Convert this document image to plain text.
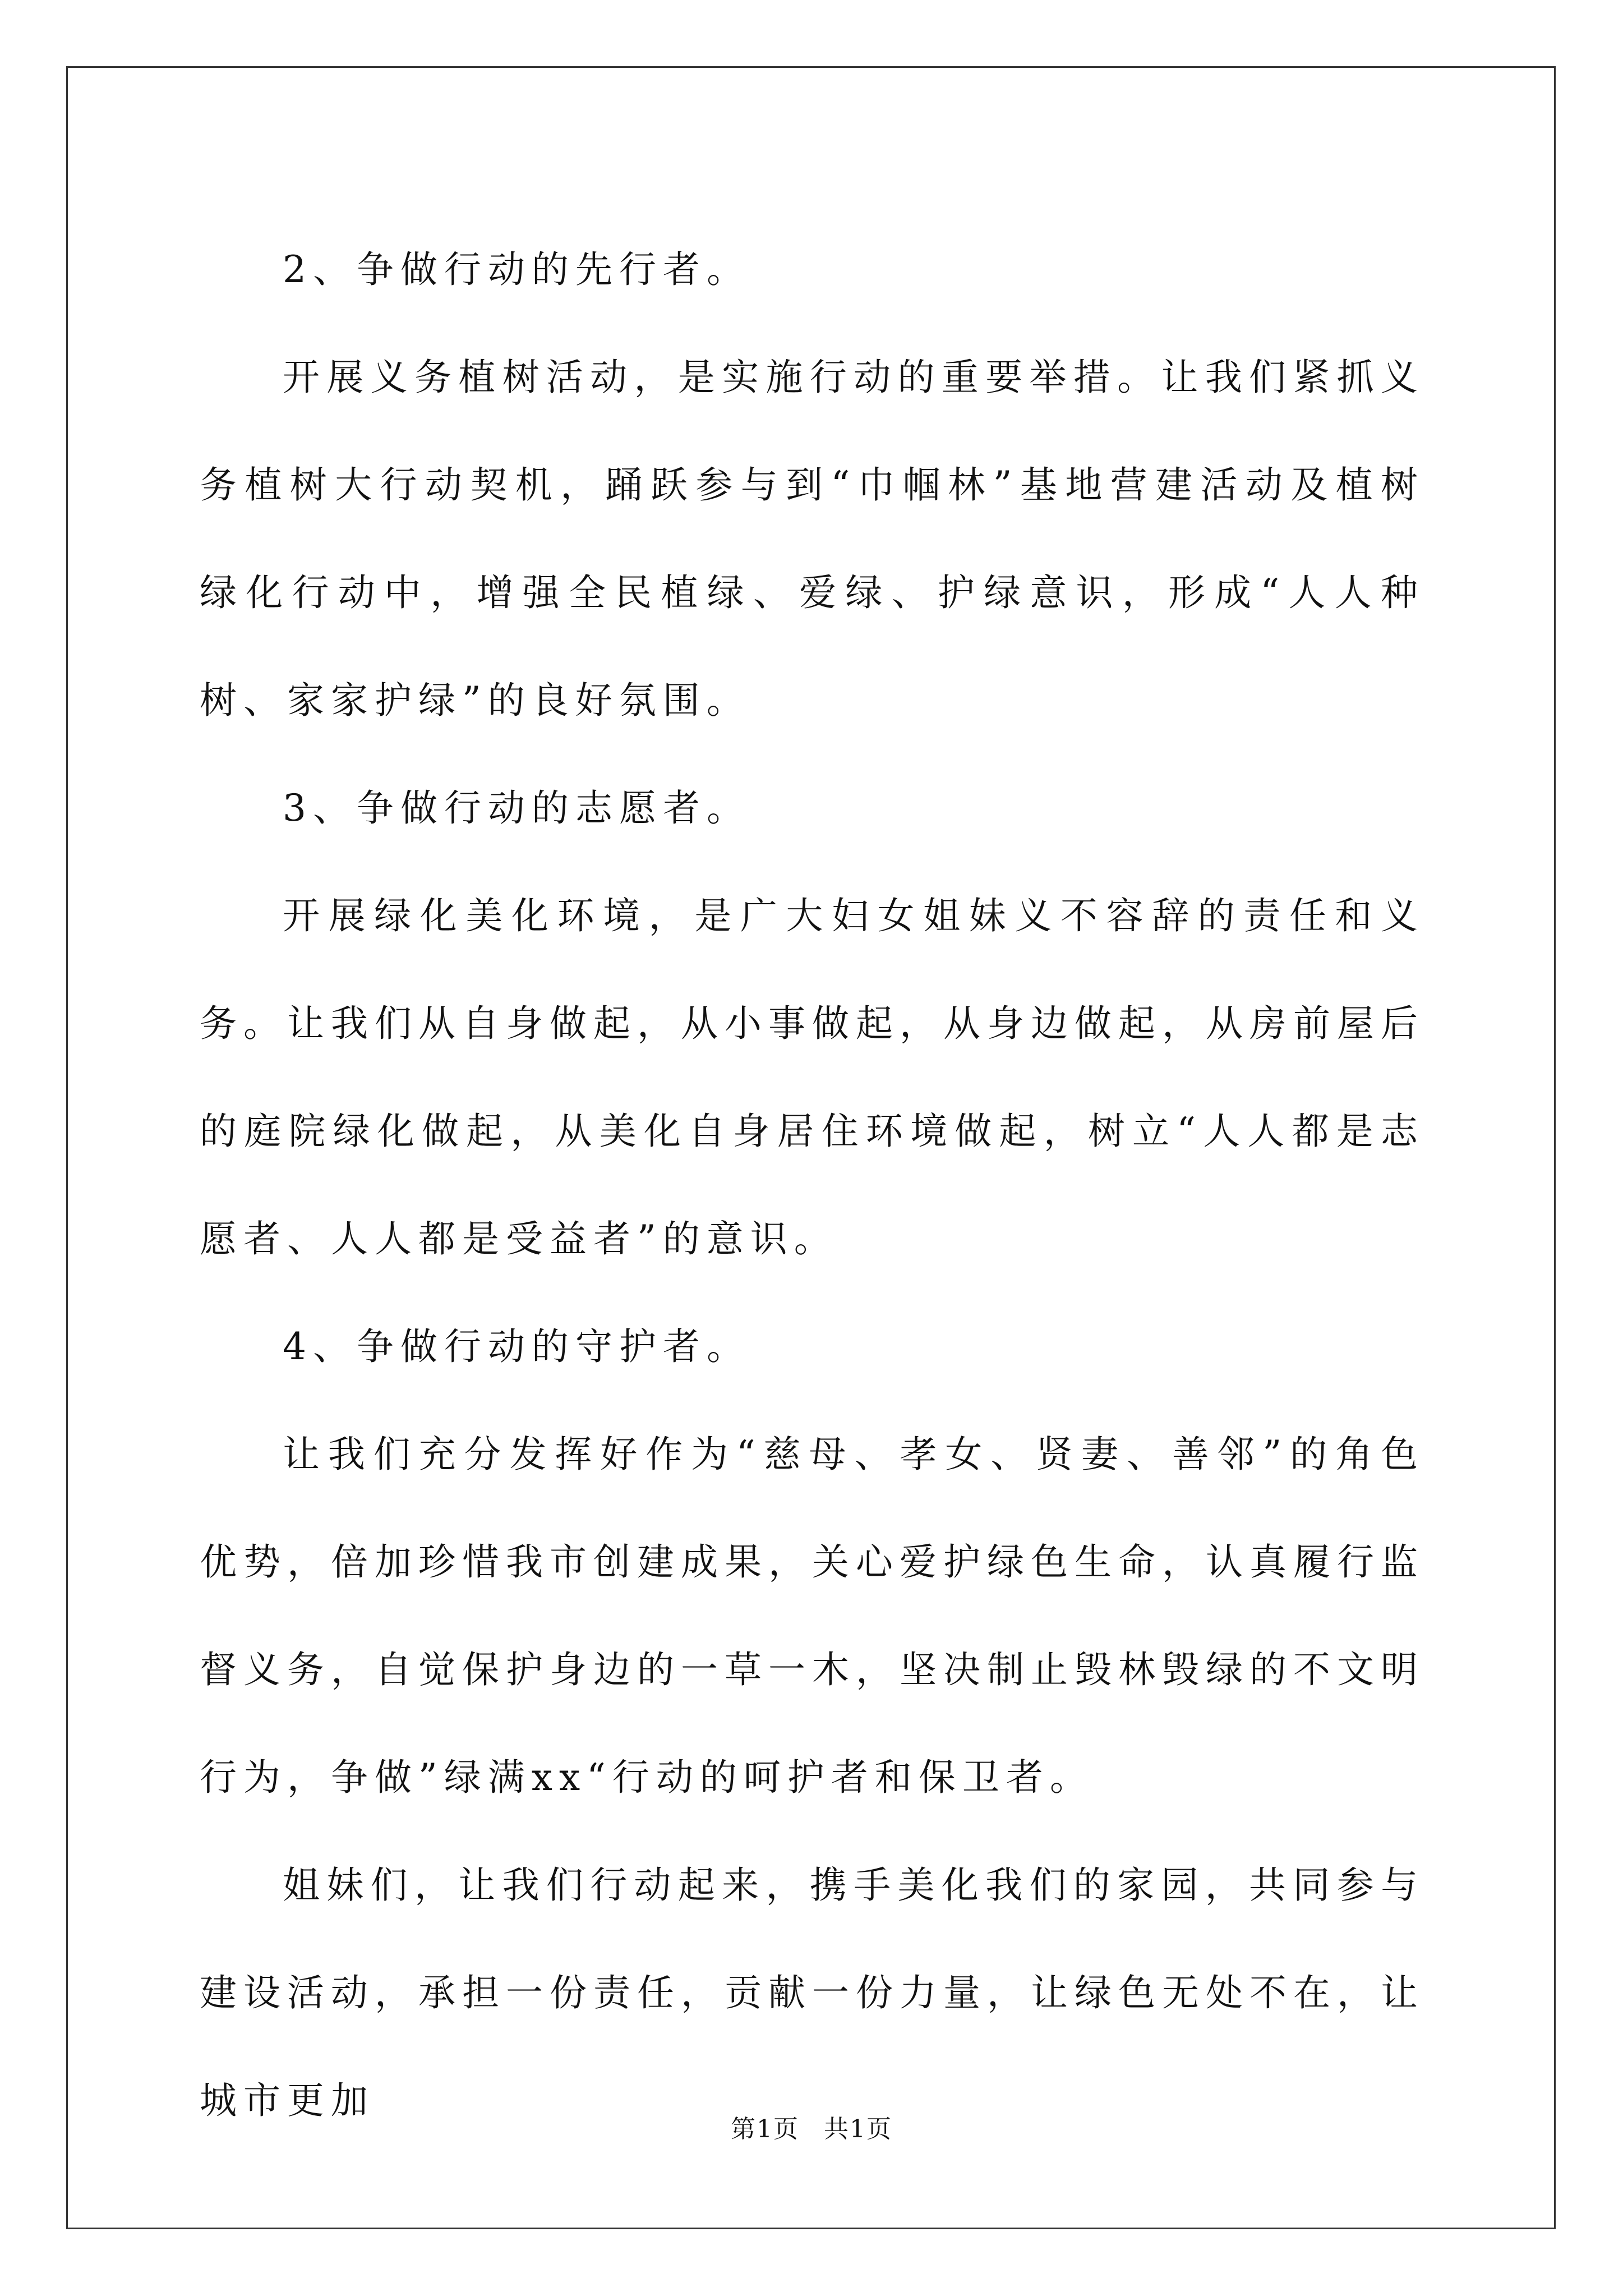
2、争做行动的先行者。

开展义务植树活动，是实施行动的重要举措。让我们紧抓义务植树大行动契机，踊跃参与到“巾帼林”基地营建活动及植树绿化行动中，增强全民植绿、爱绿、护绿意识，形成“人人种树、家家护绿”的良好氛围。

3、争做行动的志愿者。

开展绿化美化环境，是广大妇女姐妹义不容辞的责任和义务。让我们从自身做起，从小事做起，从身边做起，从房前屋后的庭院绿化做起，从美化自身居住环境做起，树立“人人都是志愿者、人人都是受益者”的意识。

4、争做行动的守护者。

让我们充分发挥好作为“慈母、孝女、贤妻、善邻”的角色优势，倍加珍惜我市创建成果，关心爱护绿色生命，认真履行监督义务，自觉保护身边的一草一木，坚决制止毁林毁绿的不文明行为，争做”绿满xx“行动的呵护者和保卫者。

姐妹们，让我们行动起来，携手美化我们的家园，共同参与建设活动，承担一份责任，贡献一份力量，让绿色无处不在，让城市更加

第1页 共1页
